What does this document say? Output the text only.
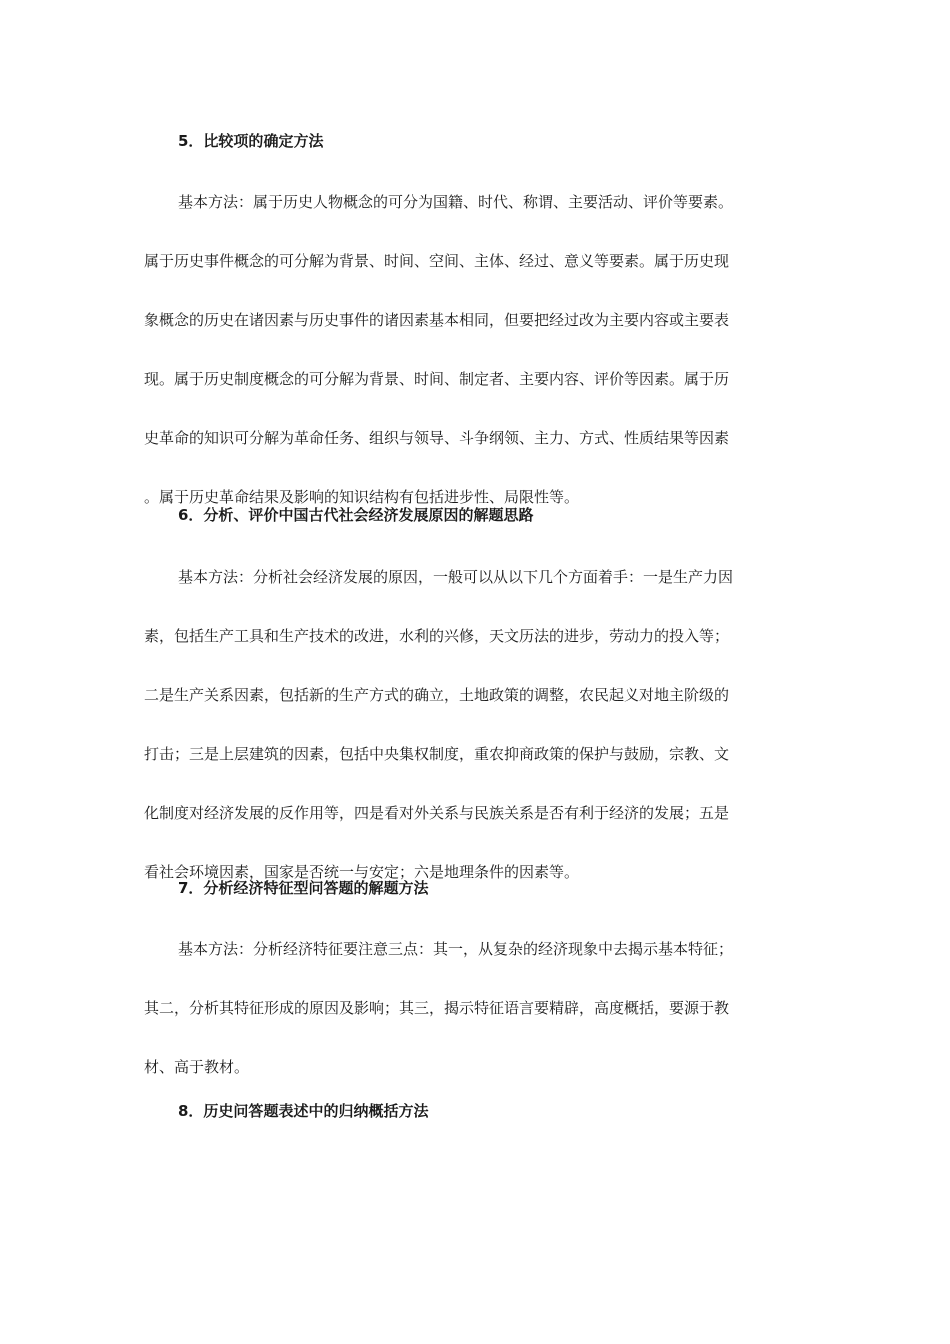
5．比较项的确定方法
基本方法：属于历史人物概念的可分为国籍、时代、称谓、主要活动、评价等要素。
属于历史事件概念的可分解为背景、时间、空间、主体、经过、意义等要素。属于历史现
象概念的历史在诸因素与历史事件的诸因素基本相同，但要把经过改为主要内容或主要表
现。属于历史制度概念的可分解为背景、时间、制定者、主要内容、评价等因素。属于历
史革命的知识可分解为革命任务、组织与领导、斗争纲领、主力、方式、性质结果等因素
。属于历史革命结果及影响的知识结构有包括进步性、局限性等。
6．分析、评价中国古代社会经济发展原因的解题思路
基本方法：分析社会经济发展的原因，一般可以从以下几个方面着手：一是生产力因
素，包括生产工具和生产技术的改进，水利的兴修，天文历法的进步，劳动力的投入等；
二是生产关系因素，包括新的生产方式的确立，土地政策的调整，农民起义对地主阶级的
打击；三是上层建筑的因素，包括中央集权制度，重农抑商政策的保护与鼓励，宗教、文
化制度对经济发展的反作用等，四是看对外关系与民族关系是否有利于经济的发展；五是
看社会环境因素，国家是否统一与安定；六是地理条件的因素等。
7．分析经济特征型问答题的解题方法
基本方法：分析经济特征要注意三点：其一，从复杂的经济现象中去揭示基本特征；
其二，分析其特征形成的原因及影响；其三，揭示特征语言要精辟，高度概括，要源于教
材、高于教材。
8．历史问答题表述中的归纳概括方法
